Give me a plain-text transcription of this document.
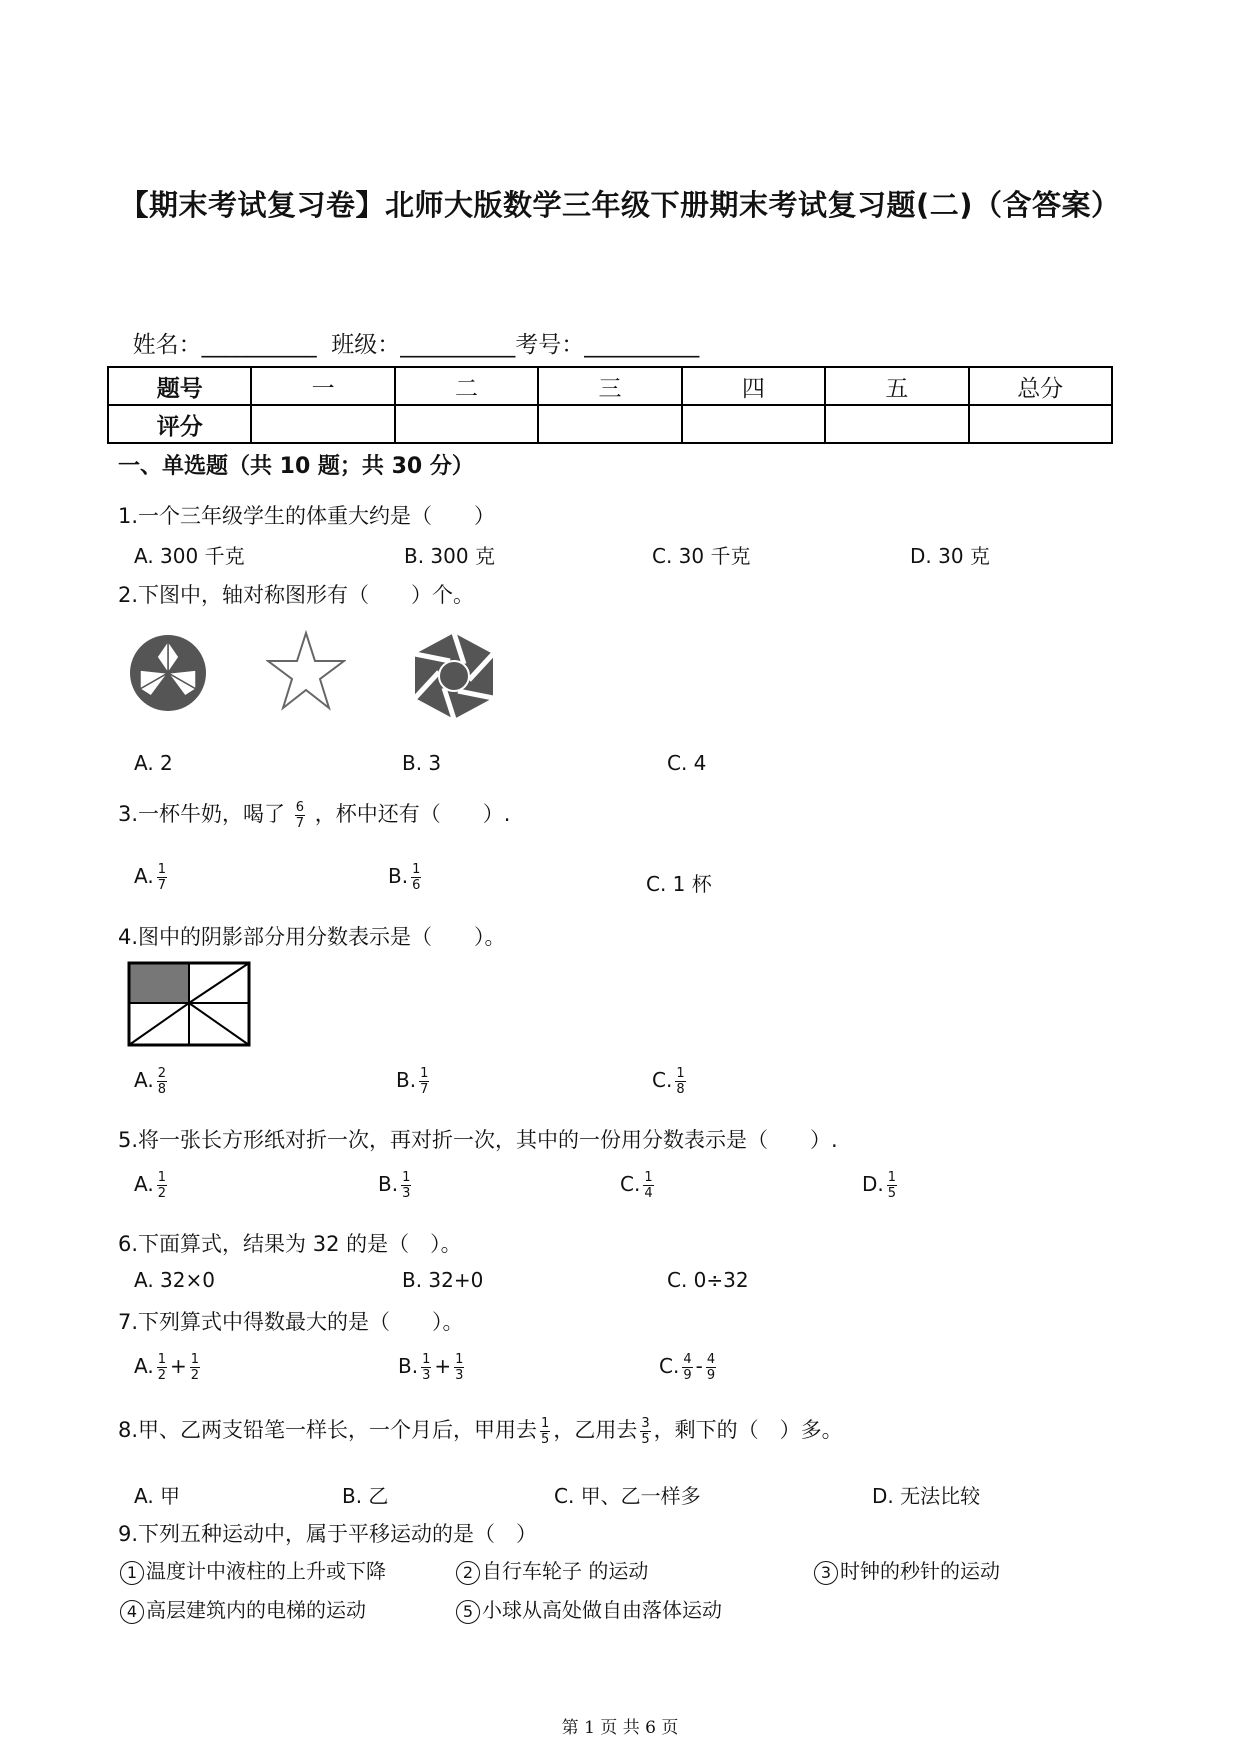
【期末考试复习卷】北师大版数学三年级下册期末考试复习题(二)（含答案）

姓名：__________ 班级：__________考号：__________

题号	一	二	三	四	五	总分
评分						
一、单选题（共 10 题；共 30 分）
1.一个三年级学生的体重大约是（　　）
A. 300 千克	B. 300 克	C. 30 千克	D. 30 克
2.下图中，轴对称图形有（　　）个。
A. 2	B. 3	C. 4
3.一杯牛奶，喝了 $\frac{6}{7}$ ，杯中还有（　　）.
A. $\frac{1}{7}$	B. $\frac{1}{6}$	C. 1 杯
4.图中的阴影部分用分数表示是（　　）。
A. $\frac{2}{8}$	B. $\frac{1}{7}$	C. $\frac{1}{8}$
5.将一张长方形纸对折一次，再对折一次，其中的一份用分数表示是（　　）.
A. $\frac{1}{2}$	B. $\frac{1}{3}$	C. $\frac{1}{4}$	D. $\frac{1}{5}$
6.下面算式，结果为 32 的是（　）。
A. 32×0	B. 32+0	C. 0÷32
7.下列算式中得数最大的是（　　）。
A. $\frac{1}{2} + \frac{1}{2}$	B. $\frac{1}{3} + \frac{1}{3}$	C. $\frac{4}{9} - \frac{4}{9}$
8.甲、乙两支铅笔一样长，一个月后，甲用去 $\frac{1}{5}$ ，乙用去 $\frac{3}{5}$ ，剩下的（　）多。
A. 甲	B. 乙	C. 甲、乙一样多	D. 无法比较
9.下列五种运动中，属于平移运动的是（　）
1 温度计中液柱的上升或下降	2 自行车轮子 的运动	3 时钟的秒针的运动
4 高层建筑内的电梯的运动	5 小球从高处做自由落体运动
第 1 页 共 6 页
